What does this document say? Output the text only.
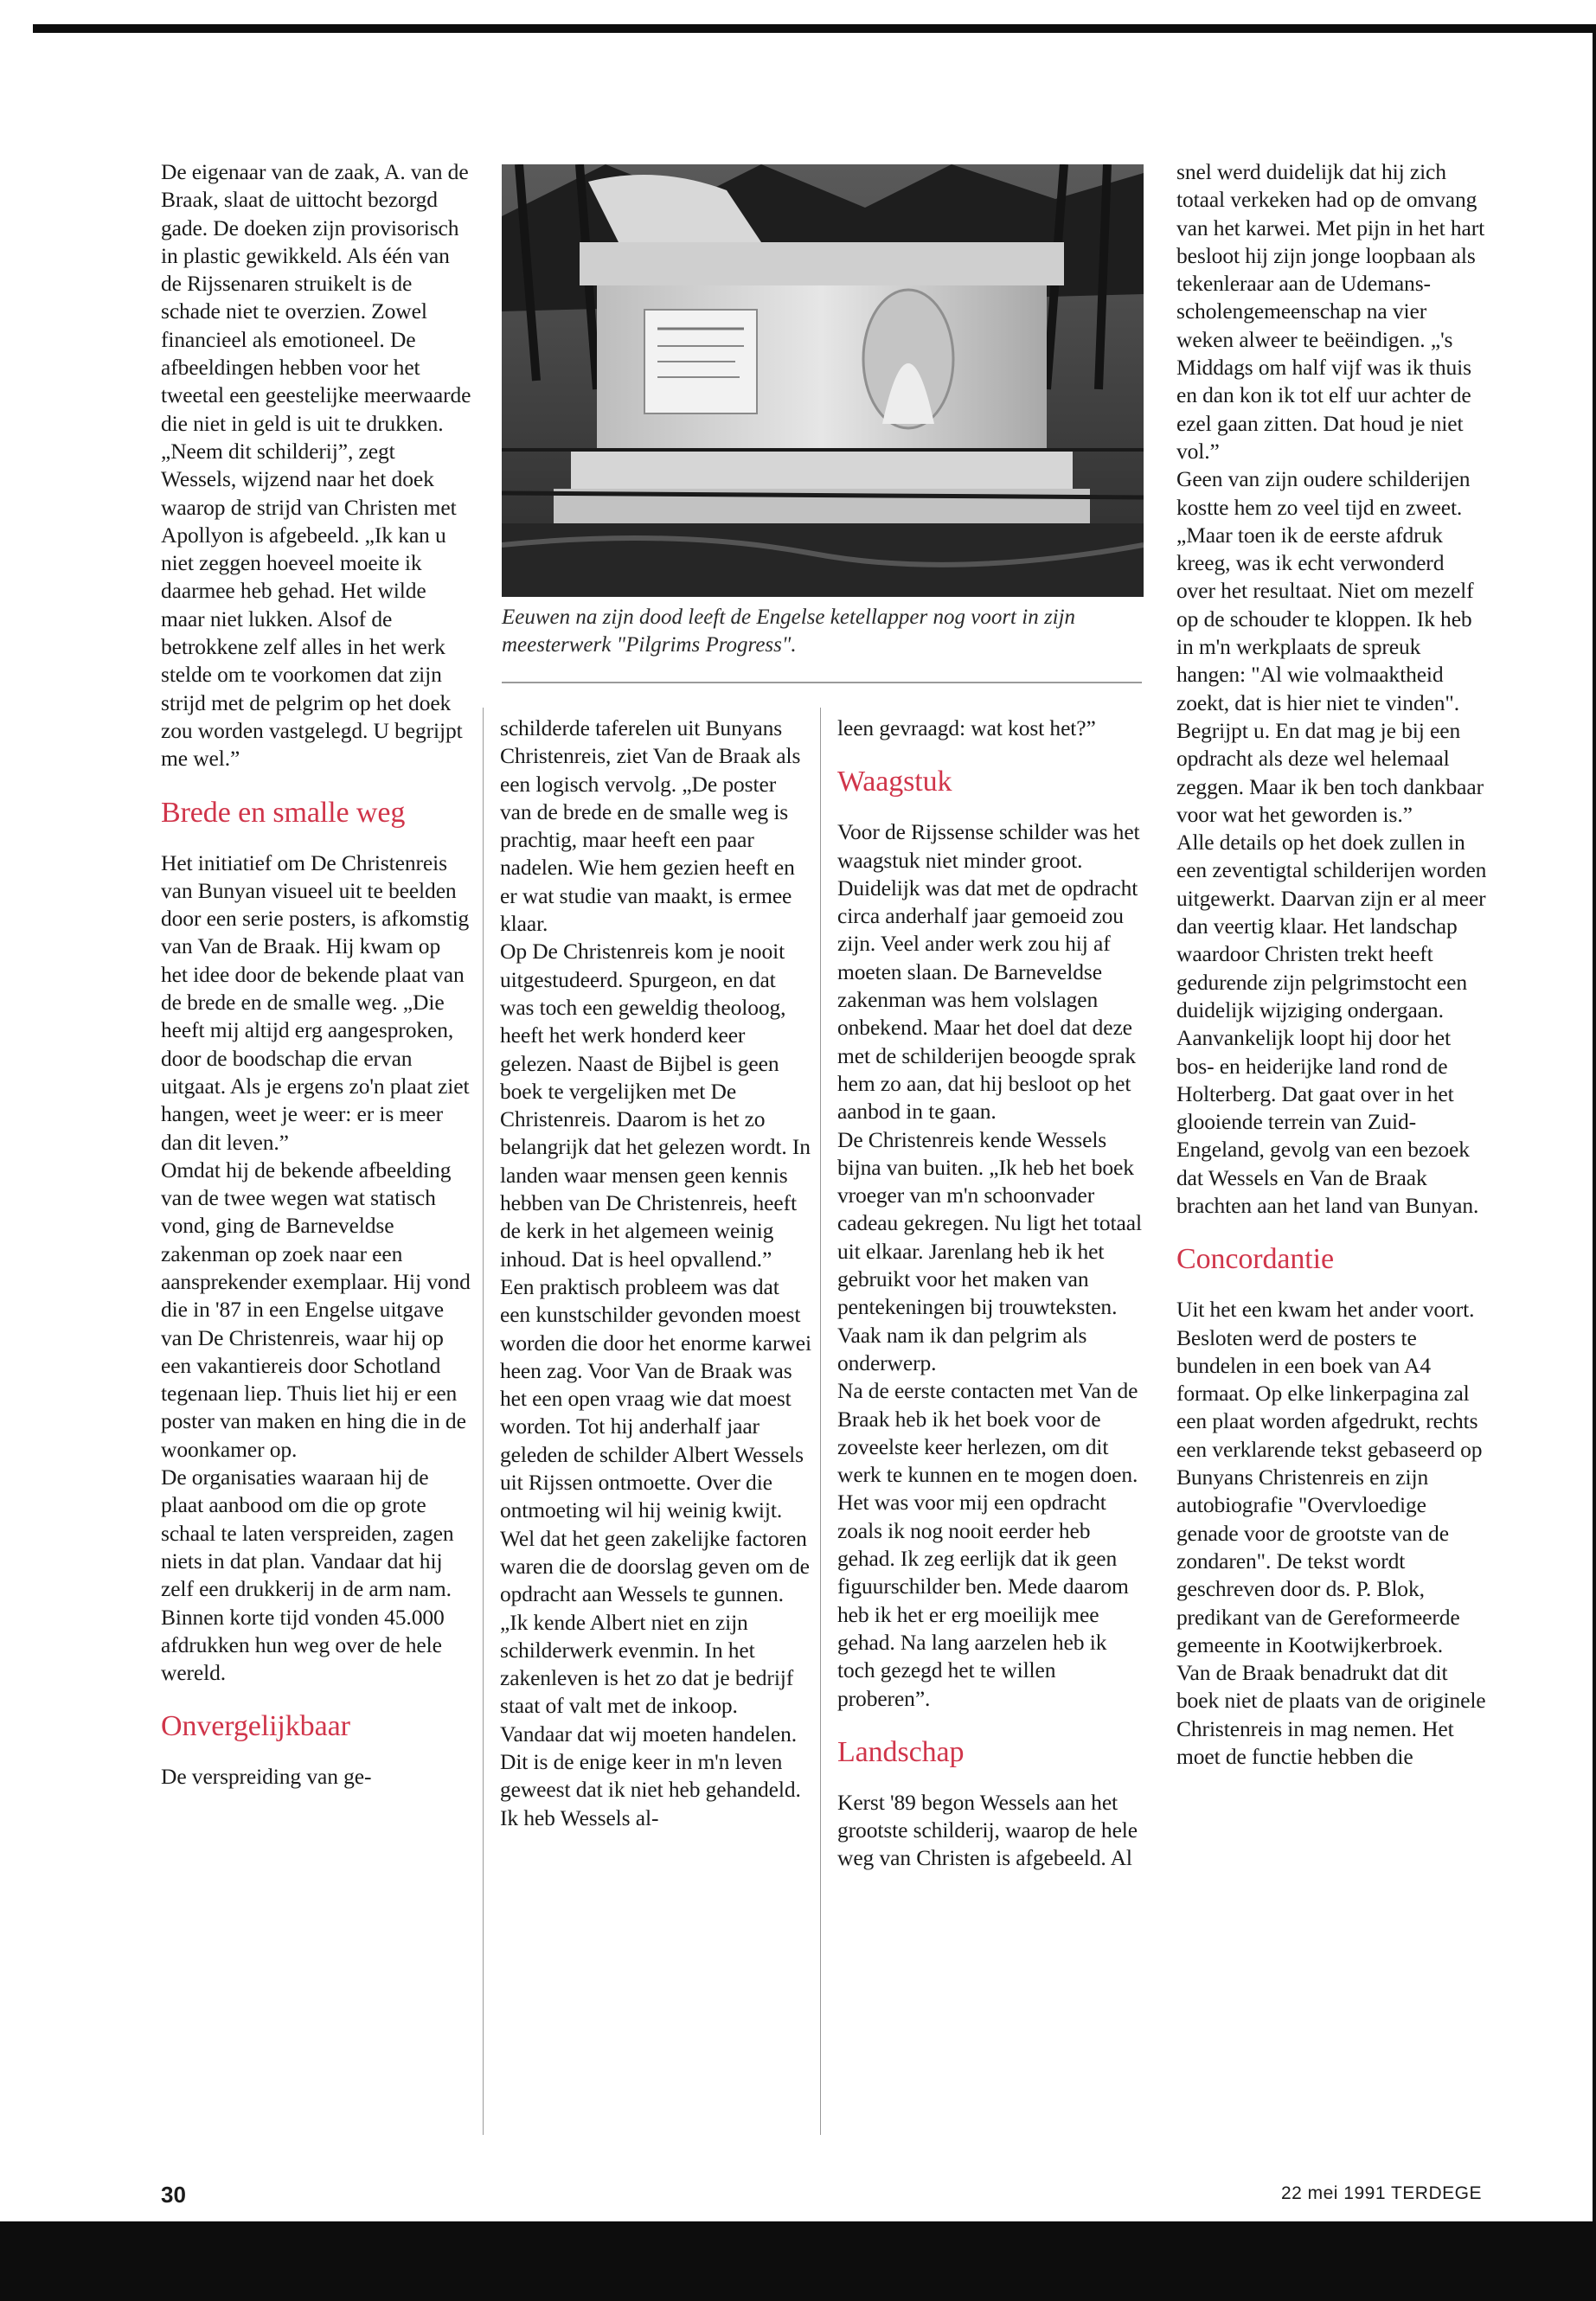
De eigenaar van de zaak, A. van de Braak, slaat de uittocht bezorgd gade. De doeken zijn provisorisch in plastic gewikkeld. Als één van de Rijssenaren struikelt is de schade niet te overzien. Zowel financieel als emotioneel. De afbeeldingen hebben voor het tweetal een geestelijke meerwaarde die niet in geld is uit te drukken.

„Neem dit schilderij”, zegt Wessels, wijzend naar het doek waarop de strijd van Christen met Apollyon is afgebeeld. „Ik kan u niet zeggen hoeveel moeite ik daarmee heb gehad. Het wilde maar niet lukken. Alsof de betrokkene zelf alles in het werk stelde om te voorkomen dat zijn strijd met de pelgrim op het doek zou worden vastgelegd. U begrijpt me wel.”

Brede en smalle weg

Het initiatief om De Christenreis van Bunyan visueel uit te beelden door een serie posters, is afkomstig van Van de Braak. Hij kwam op het idee door de bekende plaat van de brede en de smalle weg. „Die heeft mij altijd erg aangesproken, door de boodschap die ervan uitgaat. Als je ergens zo'n plaat ziet hangen, weet je weer: er is meer dan dit leven.”

Omdat hij de bekende afbeelding van de twee wegen wat statisch vond, ging de Barneveldse zakenman op zoek naar een aansprekender exemplaar. Hij vond die in '87 in een Engelse uitgave van De Christenreis, waar hij op een vakantiereis door Schotland tegenaan liep. Thuis liet hij er een poster van maken en hing die in de woonkamer op.

De organisaties waaraan hij de plaat aanbood om die op grote schaal te laten verspreiden, zagen niets in dat plan. Vandaar dat hij zelf een drukkerij in de arm nam. Binnen korte tijd vonden 45.000 afdrukken hun weg over de hele wereld.

Onvergelijkbaar

De verspreiding van ge-

Eeuwen na zijn dood leeft de Engelse ketellapper nog voort in zijn meesterwerk "Pilgrims Progress".

schilderde taferelen uit Bunyans Christenreis, ziet Van de Braak als een logisch vervolg. „De poster van de brede en de smalle weg is prachtig, maar heeft een paar nadelen. Wie hem gezien heeft en er wat studie van maakt, is ermee klaar.

Op De Christenreis kom je nooit uitgestudeerd. Spurgeon, en dat was toch een geweldig theoloog, heeft het werk honderd keer gelezen. Naast de Bijbel is geen boek te vergelijken met De Christenreis. Daarom is het zo belangrijk dat het gelezen wordt. In landen waar mensen geen kennis hebben van De Christenreis, heeft de kerk in het algemeen weinig inhoud. Dat is heel opvallend.”

Een praktisch probleem was dat een kunstschilder gevonden moest worden die door het enorme karwei heen zag. Voor Van de Braak was het een open vraag wie dat moest worden. Tot hij anderhalf jaar geleden de schilder Albert Wessels uit Rijssen ontmoette. Over die ontmoeting wil hij weinig kwijt. Wel dat het geen zakelijke factoren waren die de doorslag geven om de opdracht aan Wessels te gunnen. „Ik kende Albert niet en zijn schilderwerk evenmin. In het zakenleven is het zo dat je bedrijf staat of valt met de inkoop. Vandaar dat wij moeten handelen. Dit is de enige keer in m'n leven geweest dat ik niet heb gehandeld. Ik heb Wessels al-

leen gevraagd: wat kost het?”

Waagstuk

Voor de Rijssense schilder was het waagstuk niet minder groot. Duidelijk was dat met de opdracht circa anderhalf jaar gemoeid zou zijn. Veel ander werk zou hij af moeten slaan. De Barneveldse zakenman was hem volslagen onbekend. Maar het doel dat deze met de schilderijen beoogde sprak hem zo aan, dat hij besloot op het aanbod in te gaan.

De Christenreis kende Wessels bijna van buiten. „Ik heb het boek vroeger van m'n schoonvader cadeau gekregen. Nu ligt het totaal uit elkaar. Jarenlang heb ik het gebruikt voor het maken van pentekeningen bij trouwteksten. Vaak nam ik dan pelgrim als onderwerp.

Na de eerste contacten met Van de Braak heb ik het boek voor de zoveelste keer herlezen, om dit werk te kunnen en te mogen doen. Het was voor mij een opdracht zoals ik nog nooit eerder heb gehad. Ik zeg eerlijk dat ik geen figuurschilder ben. Mede daarom heb ik het er erg moeilijk mee gehad. Na lang aarzelen heb ik toch gezegd het te willen proberen”.

Landschap

Kerst '89 begon Wessels aan het grootste schilderij, waarop de hele weg van Christen is afgebeeld. Al

snel werd duidelijk dat hij zich totaal verkeken had op de omvang van het karwei. Met pijn in het hart besloot hij zijn jonge loopbaan als tekenleraar aan de Udemans-scholengemeenschap na vier weken alweer te beëindigen. „'s Middags om half vijf was ik thuis en dan kon ik tot elf uur achter de ezel gaan zitten. Dat houd je niet vol.”

Geen van zijn oudere schilderijen kostte hem zo veel tijd en zweet. „Maar toen ik de eerste afdruk kreeg, was ik echt verwonderd over het resultaat. Niet om mezelf op de schouder te kloppen. Ik heb in m'n werkplaats de spreuk hangen: "Al wie volmaaktheid zoekt, dat is hier niet te vinden". Begrijpt u. En dat mag je bij een opdracht als deze wel helemaal zeggen. Maar ik ben toch dankbaar voor wat het geworden is.”

Alle details op het doek zullen in een zeventigtal schilderijen worden uitgewerkt. Daarvan zijn er al meer dan veertig klaar. Het landschap waardoor Christen trekt heeft gedurende zijn pelgrimstocht een duidelijk wijziging ondergaan. Aanvankelijk loopt hij door het bos- en heiderijke land rond de Holterberg. Dat gaat over in het glooiende terrein van Zuid-Engeland, gevolg van een bezoek dat Wessels en Van de Braak brachten aan het land van Bunyan.

Concordantie

Uit het een kwam het ander voort. Besloten werd de posters te bundelen in een boek van A4 formaat. Op elke linkerpagina zal een plaat worden afgedrukt, rechts een verklarende tekst gebaseerd op Bunyans Christenreis en zijn autobiografie "Overvloedige genade voor de grootste van de zondaren". De tekst wordt geschreven door ds. P. Blok, predikant van de Gereformeerde gemeente in Kootwijkerbroek.

Van de Braak benadrukt dat dit boek niet de plaats van de originele Christenreis in mag nemen. Het moet de functie hebben die

30	22 mei 1991 TERDEGE
